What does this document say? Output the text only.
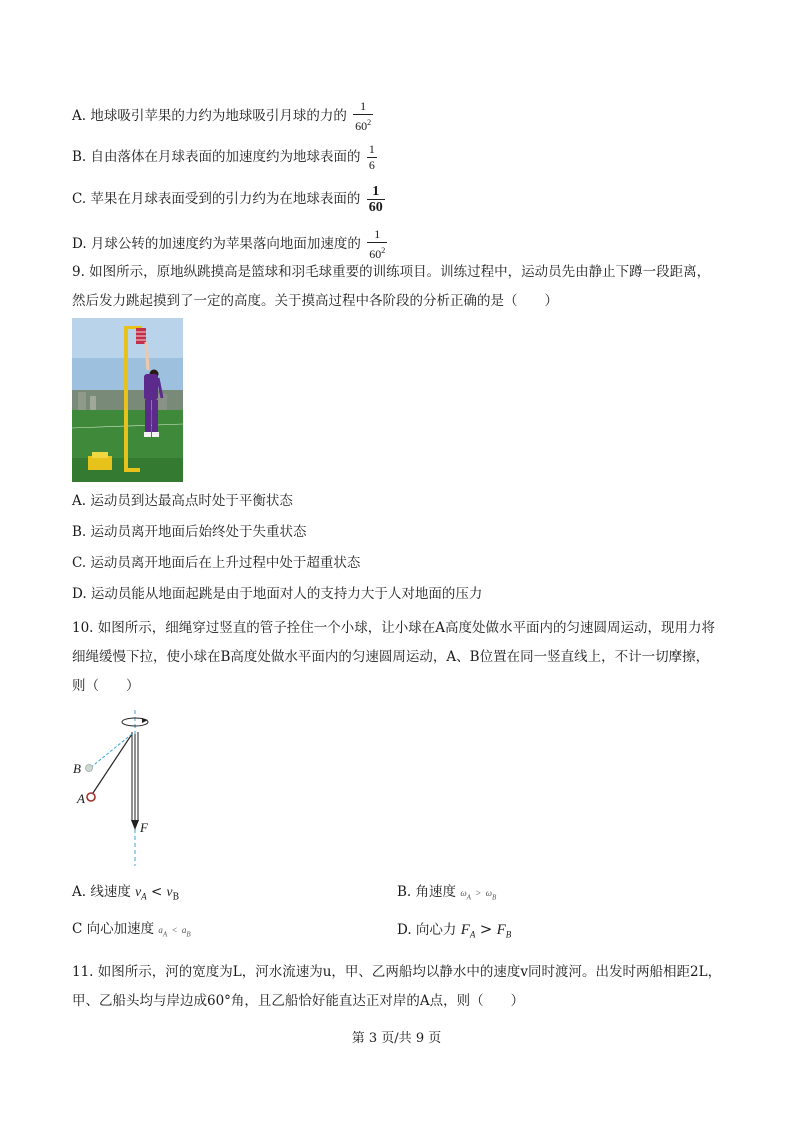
A. 地球吸引苹果的力约为地球吸引月球的力的 $\frac{1}{60^2}$
B. 自由落体在月球表面的加速度约为地球表面的 $\frac{1}{6}$
C. 苹果在月球表面受到的引力约为在地球表面的 $\frac{1}{60}$
D. 月球公转的加速度约为苹果落向地面加速度的 $\frac{1}{60^2}$
9. 如图所示，原地纵跳摸高是篮球和羽毛球重要的训练项目。训练过程中，运动员先由静止下蹲一段距离，然后发力跳起摸到了一定的高度。关于摸高过程中各阶段的分析正确的是（　　）
A. 运动员到达最高点时处于平衡状态
B. 运动员离开地面后始终处于失重状态
C. 运动员离开地面后在上升过程中处于超重状态
D. 运动员能从地面起跳是由于地面对人的支持力大于人对地面的压力
10. 如图所示，细绳穿过竖直的管子拴住一个小球，让小球在A高度处做水平面内的匀速圆周运动，现用力将细绳缓慢下拉，使小球在B高度处做水平面内的匀速圆周运动，A、B位置在同一竖直线上，不计一切摩擦，则（　　）
B
A
F
A. 线速度 $v_A < v_B$	B. 角速度 $\omega_A > \omega_B$
C 向心加速度 $a_A < a_B$	D. 向心力 $F_A > F_B$
11. 如图所示，河的宽度为L，河水流速为u，甲、乙两船均以静水中的速度v同时渡河。出发时两船相距2L，甲、乙船头均与岸边成60°角，且乙船恰好能直达正对岸的A点，则（　　）
第 3 页/共 9 页
